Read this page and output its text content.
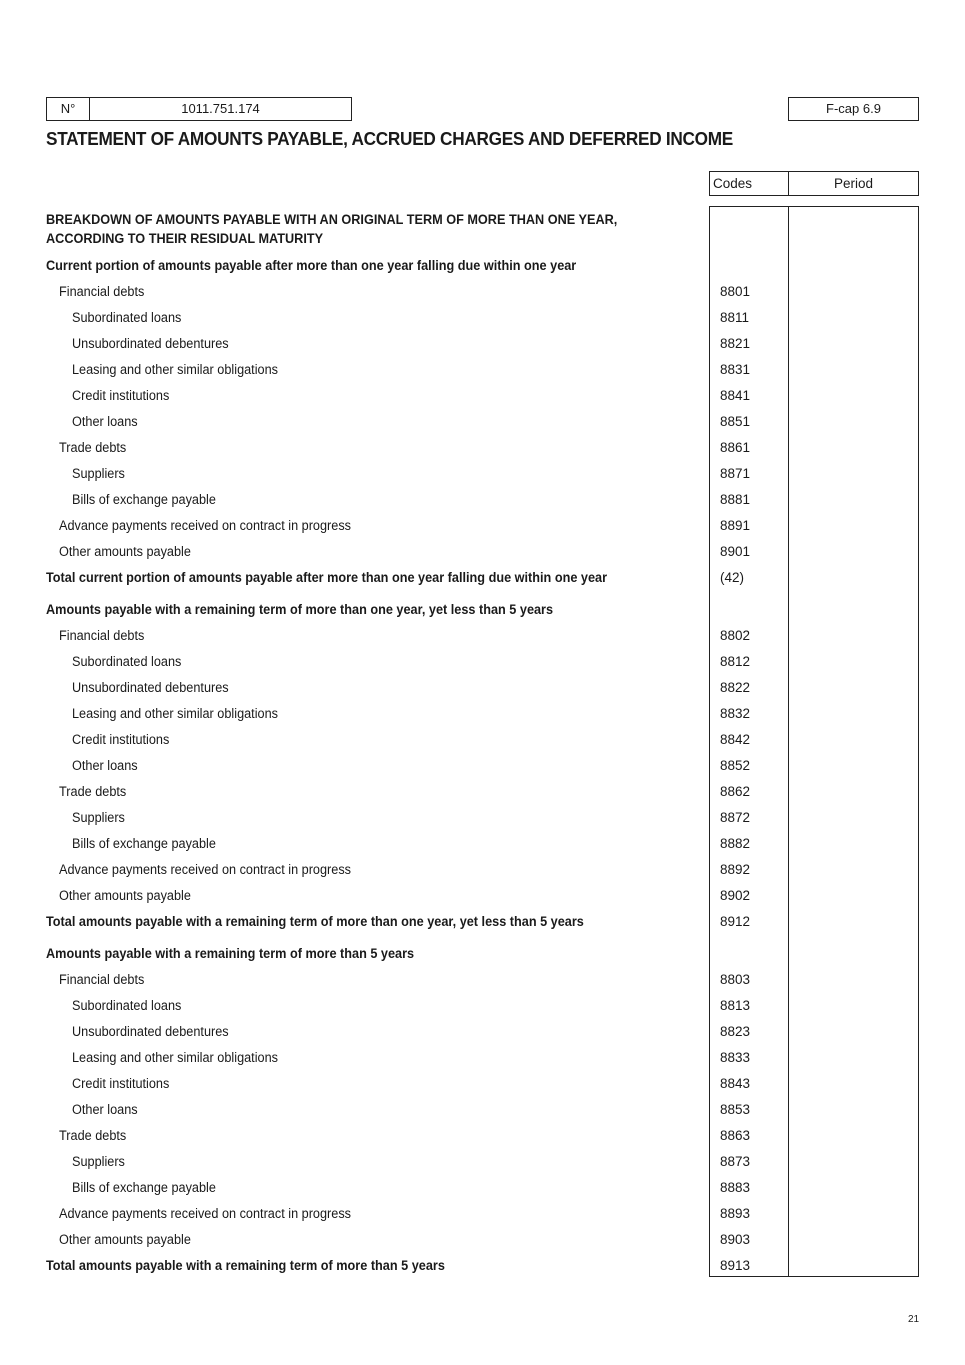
N°	1011.751.174	F-cap 6.9
STATEMENT OF AMOUNTS PAYABLE, ACCRUED CHARGES AND DEFERRED INCOME
Codes	Period
BREAKDOWN OF AMOUNTS PAYABLE WITH AN ORIGINAL TERM OF MORE THAN ONE YEAR,
ACCORDING TO THEIR RESIDUAL MATURITY
Current portion of amounts payable after more than one year falling due within one year
Financial debts	8801
Subordinated loans	8811
Unsubordinated debentures	8821
Leasing and other similar obligations	8831
Credit institutions	8841
Other loans	8851
Trade debts	8861
Suppliers	8871
Bills of exchange payable	8881
Advance payments received on contract in progress	8891
Other amounts payable	8901
Total current portion of amounts payable after more than one year falling due within one year	(42)
Amounts payable with a remaining term of more than one year, yet less than 5 years
Financial debts	8802
Subordinated loans	8812
Unsubordinated debentures	8822
Leasing and other similar obligations	8832
Credit institutions	8842
Other loans	8852
Trade debts	8862
Suppliers	8872
Bills of exchange payable	8882
Advance payments received on contract in progress	8892
Other amounts payable	8902
Total amounts payable with a remaining term of more than one year, yet less than 5 years	8912
Amounts payable with a remaining term of more than 5 years
Financial debts	8803
Subordinated loans	8813
Unsubordinated debentures	8823
Leasing and other similar obligations	8833
Credit institutions	8843
Other loans	8853
Trade debts	8863
Suppliers	8873
Bills of exchange payable	8883
Advance payments received on contract in progress	8893
Other amounts payable	8903
Total amounts payable with a remaining term of more than 5 years	8913
21
